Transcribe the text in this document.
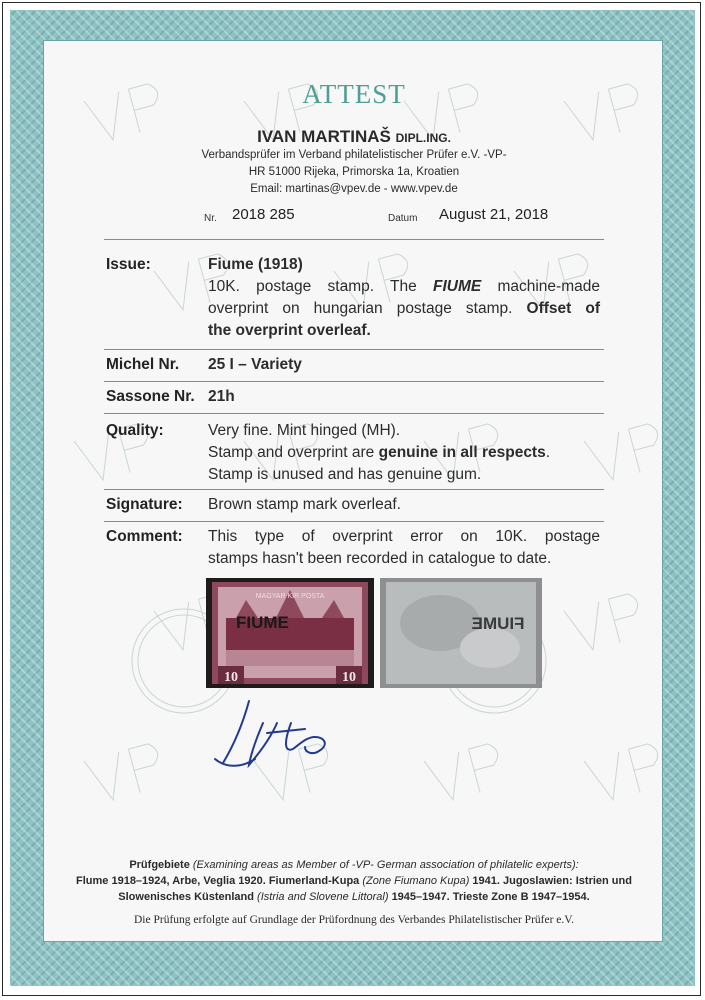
ATTEST
IVAN MARTINAŠ DIPL.ING.
Verbandsprüfer im Verband philatelistischer Prüfer e.V. -VP-
HR 51000 Rijeka, Primorska 1a, Kroatien
Email: martinas@vpev.de - www.vpev.de
Nr. 2018 285	Datum August 21, 2018
Issue:	Fiume (1918)
10K. postage stamp. The FIUME machine-made
overprint on hungarian postage stamp. Offset of
the overprint overleaf.
Michel Nr. 25 I – Variety
Sassone Nr. 21h
Quality:	Very fine. Mint hinged (MH).
Stamp and overprint are genuine in all respects.
Stamp is unused and has genuine gum.
Signature: Brown stamp mark overleaf.
Comment: This type of overprint error on 10K. postage
stamps hasn't been recorded in catalogue to date.
MAGYAR KIR POSTA
FIUME
10	10
FIUME
Prüfgebiete (Examining areas as Member of -VP- German association of philatelic experts):
Flume 1918–1924, Arbe, Veglia 1920. Fiumerland-Kupa (Zone Fiumano Kupa) 1941. Jugoslawien: Istrien und
Slowenisches Küstenland (Istria and Slovene Littoral) 1945–1947. Trieste Zone B 1947–1954.
Die Prüfung erfolgte auf Grundlage der Prüfordnung des Verbandes Philatelistischer Prüfer e.V.
